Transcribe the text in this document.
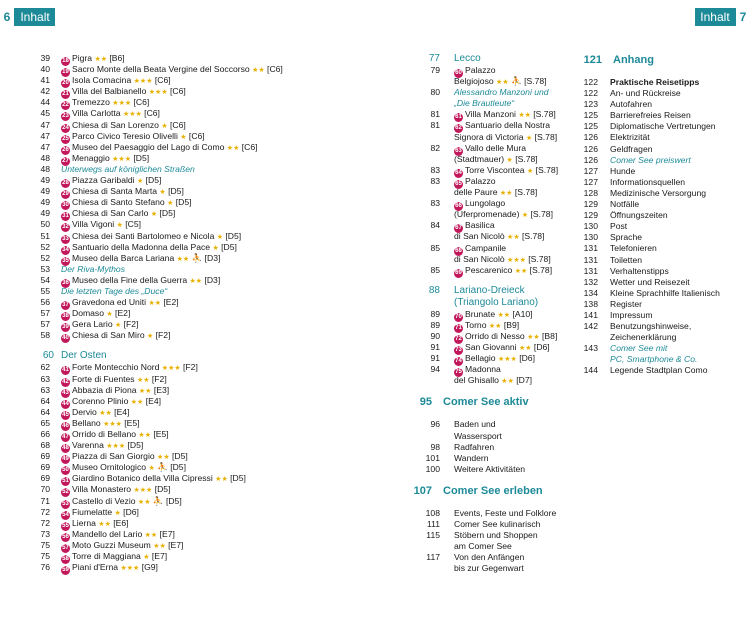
6 Inhalt	Inhalt 7
39 18 Pigra ★★ [B6]
40 19 Sacro Monte della Beata Vergine del Soccorso ★★ [C6]
41 20 Isola Comacina ★★★ [C6]
42 21 Villa del Balbianello ★★★ [C6]
44 22 Tremezzo ★★★ [C6]
45 23 Villa Carlotta ★★★ [C6]
47 24 Chiesa di San Lorenzo ★ [C6]
47 25 Parco Civico Teresio Olivelli ★ [C6]
47 26 Museo del Paesaggio del Lago di Como ★★ [C6]
48 27 Menaggio ★★★ [D5]
48 Unterwegs auf königlichen Straßen
49 28 Piazza Garibaldi ★ [D5]
49 29 Chiesa di Santa Marta ★ [D5]
49 30 Chiesa di Santo Stefano ★ [D5]
49 31 Chiesa di San Carlo ★ [D5]
50 32 Villa Vigoni ★ [C5]
51 33 Chiesa dei Santi Bartolomeo e Nicola ★ [D5]
52 34 Santuario della Madonna della Pace ★ [D5]
52 35 Museo della Barca Lariana ★★ ⛹ [D3]
53 Der Riva-Mythos
54 36 Museo della Fine della Guerra ★★ [D3]
55 Die letzten Tage des „Duce“
56 37 Gravedona ed Uniti ★★ [E2]
57 38 Domaso ★ [E2]
57 39 Gera Lario ★ [F2]
58 40 Chiesa di San Miro ★ [F2]
60 Der Osten
62 41 Forte Montecchio Nord ★★★ [F2]
63 42 Forte di Fuentes ★★ [F2]
63 43 Abbazia di Piona ★★ [E3]
64 44 Corenno Plinio ★★ [E4]
64 45 Dervio ★★ [E4]
65 46 Bellano ★★★ [E5]
66 47 Orrido di Bellano ★★ [E5]
68 48 Varenna ★★★ [D5]
69 49 Piazza di San Giorgio ★★ [D5]
69 50 Museo Ornitologico ★ ⛹ [D5]
69 51 Giardino Botanico della Villa Cipressi ★★ [D5]
70 52 Villa Monastero ★★★ [D5]
71 53 Castello di Vezio ★★ ⛹ [D5]
72 54 Fiumelatte ★ [D6]
72 55 Lierna ★★ [E6]
73 56 Mandello del Lario ★★ [E7]
75 57 Moto Guzzi Museum ★★ [E7]
75 58 Torre di Maggiana ★ [E7]
76 59 Piani d'Erna ★★★ [G9]
77 Lecco
79	60 Palazzo
Belgiojoso ★★ ⛹ [S.78]
80 Alessandro Manzoni und
„Die Brautleute“
81	61 Villa Manzoni ★★ [S.78]
81	62 Santuario della Nostra
Signora di Victoria ★ [S.78]
82	63 Vallo delle Mura
(Stadtmauer) ★ [S.78]
83	64 Torre Viscontea ★ [S.78]
83	65 Palazzo
delle Paure ★★ [S.78]
83	66 Lungolago
(Uferpromenade) ★ [S.78]
84	67 Basilica
di San Nicolò ★★ [S.78]
85	68 Campanile
di San Nicolò ★★★ [S.78]
85	69 Pescarenico ★★ [S.78]
88 Lariano-Dreieck
(Triangolo Lariano)
89	70 Brunate ★★ [A10]
89	71 Torno ★★ [B9]
90	72 Orrido di Nesso ★★ [B8]
91	73 San Giovanni ★★ [D6]
91	74 Bellagio ★★★ [D6]
94	75 Madonna
del Ghisallo ★★ [D7]
95 Comer See aktiv
96 Baden und
Wassersport
98 Radfahren
101 Wandern
100 Weitere Aktivitäten
107 Comer See erleben
108 Events, Feste und Folklore
111 Comer See kulinarisch
115 Stöbern und Shoppen
am Comer See
117 Von den Anfängen
bis zur Gegenwart
121 Anhang
122 Praktische Reisetipps
122 An- und Rückreise
123 Autofahren
125 Barrierefreies Reisen
125 Diplomatische Vertretungen
126 Elektrizität
126 Geldfragen
126 Comer See preiswert
127 Hunde
127 Informationsquellen
128 Medizinische Versorgung
129 Notfälle
129 Öffnungszeiten
130 Post
130 Sprache
131 Telefonieren
131 Toiletten
131 Verhaltenstipps
132 Wetter und Reisezeit
134 Kleine Sprachhilfe Italienisch
138 Register
141 Impressum
142 Benutzungshinweise,
Zeichenerklärung
143 Comer See mit
PC, Smartphone & Co.
144 Legende Stadtplan Como
